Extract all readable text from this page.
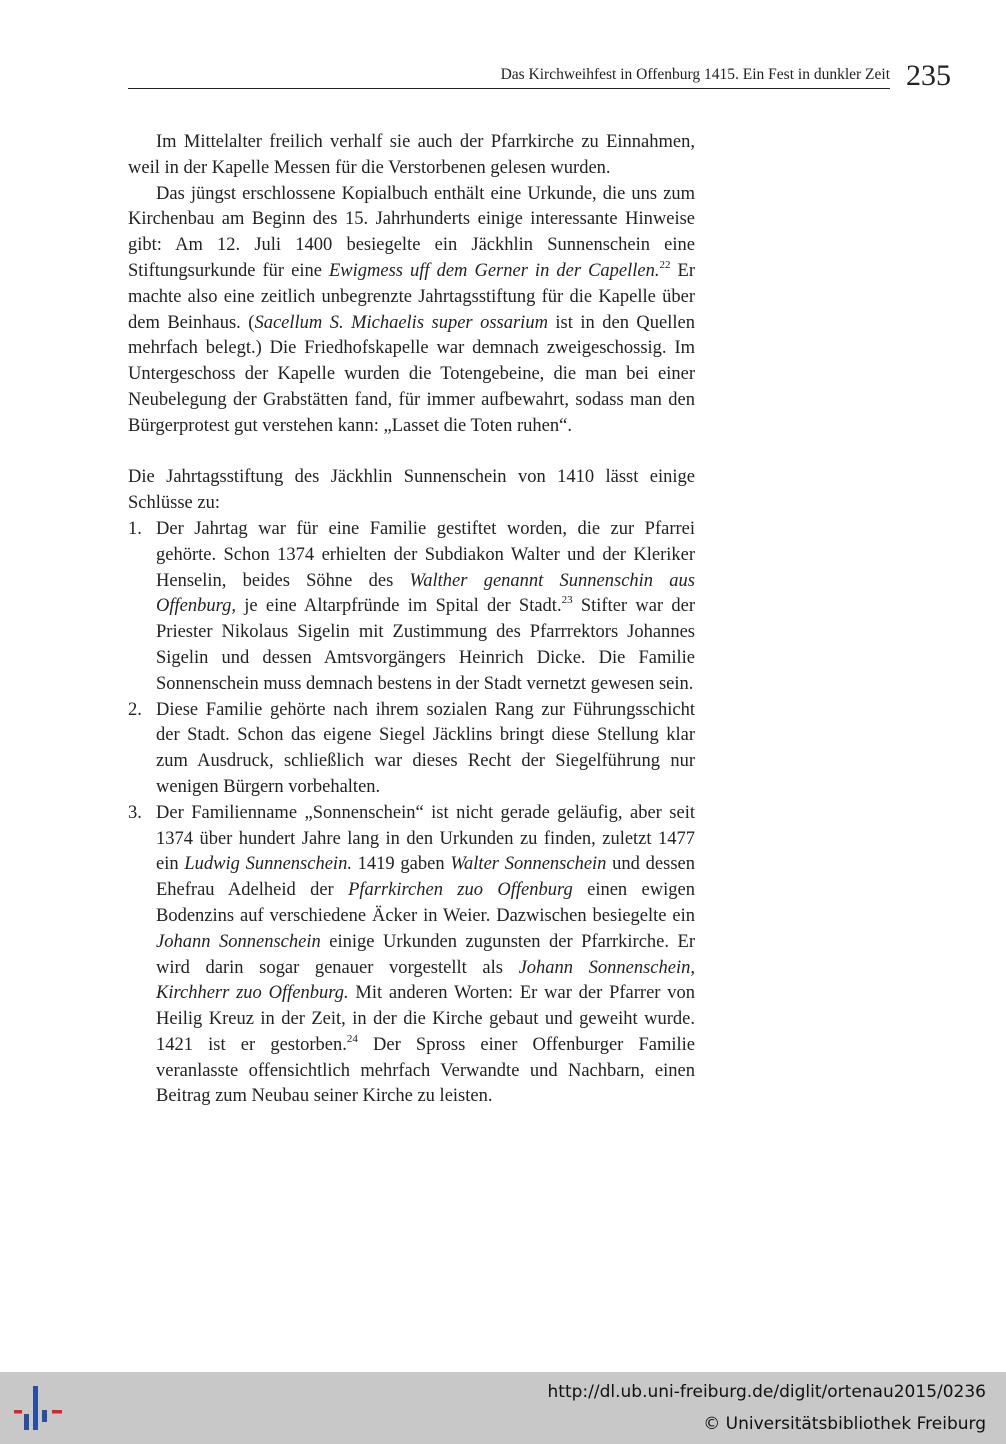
Das Kirchweihfest in Offenburg 1415. Ein Fest in dunkler Zeit 235

Im Mittelalter freilich verhalf sie auch der Pfarrkirche zu Einnahmen, weil in der Kapelle Messen für die Verstorbenen gelesen wurden.

Das jüngst erschlossene Kopialbuch enthält eine Urkunde, die uns zum Kirchenbau am Beginn des 15. Jahrhunderts einige interessante Hinweise gibt: Am 12. Juli 1400 besiegelte ein Jäckhlin Sunnenschein eine Stiftungsurkunde für eine Ewigmess uff dem Gerner in der Capellen.$^{22}$ Er machte also eine zeitlich unbegrenzte Jahrtagsstiftung für die Kapelle über dem Beinhaus. (Sacellum S. Michaelis super ossarium ist in den Quellen mehrfach belegt.) Die Friedhofskapelle war demnach zweigeschossig. Im Untergeschoss der Kapelle wurden die Totengebeine, die man bei einer Neubelegung der Grabstätten fand, für immer aufbewahrt, sodass man den Bürgerprotest gut verstehen kann: „Lasset die Toten ruhen“.

Die Jahrtagsstiftung des Jäckhlin Sunnenschein von 1410 lässt einige Schlüsse zu:

1. Der Jahrtag war für eine Familie gestiftet worden, die zur Pfarrei gehörte. Schon 1374 erhielten der Subdiakon Walter und der Kleriker Henselin, beides Söhne des Walther genannt Sunnenschin aus Offenburg, je eine Altarpfründe im Spital der Stadt.$^{23}$ Stifter war der Priester Nikolaus Sigelin mit Zustimmung des Pfarrrektors Johannes Sigelin und dessen Amtsvorgängers Heinrich Dicke. Die Familie Sonnenschein muss demnach bestens in der Stadt vernetzt gewesen sein.
2. Diese Familie gehörte nach ihrem sozialen Rang zur Führungsschicht der Stadt. Schon das eigene Siegel Jäcklins bringt diese Stellung klar zum Ausdruck, schließlich war dieses Recht der Siegelführung nur wenigen Bürgern vorbehalten.
3. Der Familienname „Sonnenschein“ ist nicht gerade geläufig, aber seit 1374 über hundert Jahre lang in den Urkunden zu finden, zuletzt 1477 ein Ludwig Sunnenschein. 1419 gaben Walter Sonnenschein und dessen Ehefrau Adelheid der Pfarrkirchen zuo Offenburg einen ewigen Bodenzins auf verschiedene Äcker in Weier. Dazwischen besiegelte ein Johann Sonnenschein einige Urkunden zugunsten der Pfarrkirche. Er wird darin sogar genauer vorgestellt als Johann Sonnenschein, Kirchherr zuo Offenburg. Mit anderen Worten: Er war der Pfarrer von Heilig Kreuz in der Zeit, in der die Kirche gebaut und geweiht wurde. 1421 ist er gestorben.$^{24}$ Der Spross einer Offenburger Familie veranlasste offensichtlich mehrfach Verwandte und Nachbarn, einen Beitrag zum Neubau seiner Kirche zu leisten.
http://dl.ub.uni-freiburg.de/diglit/ortenau2015/0236
© Universitätsbibliothek Freiburg
